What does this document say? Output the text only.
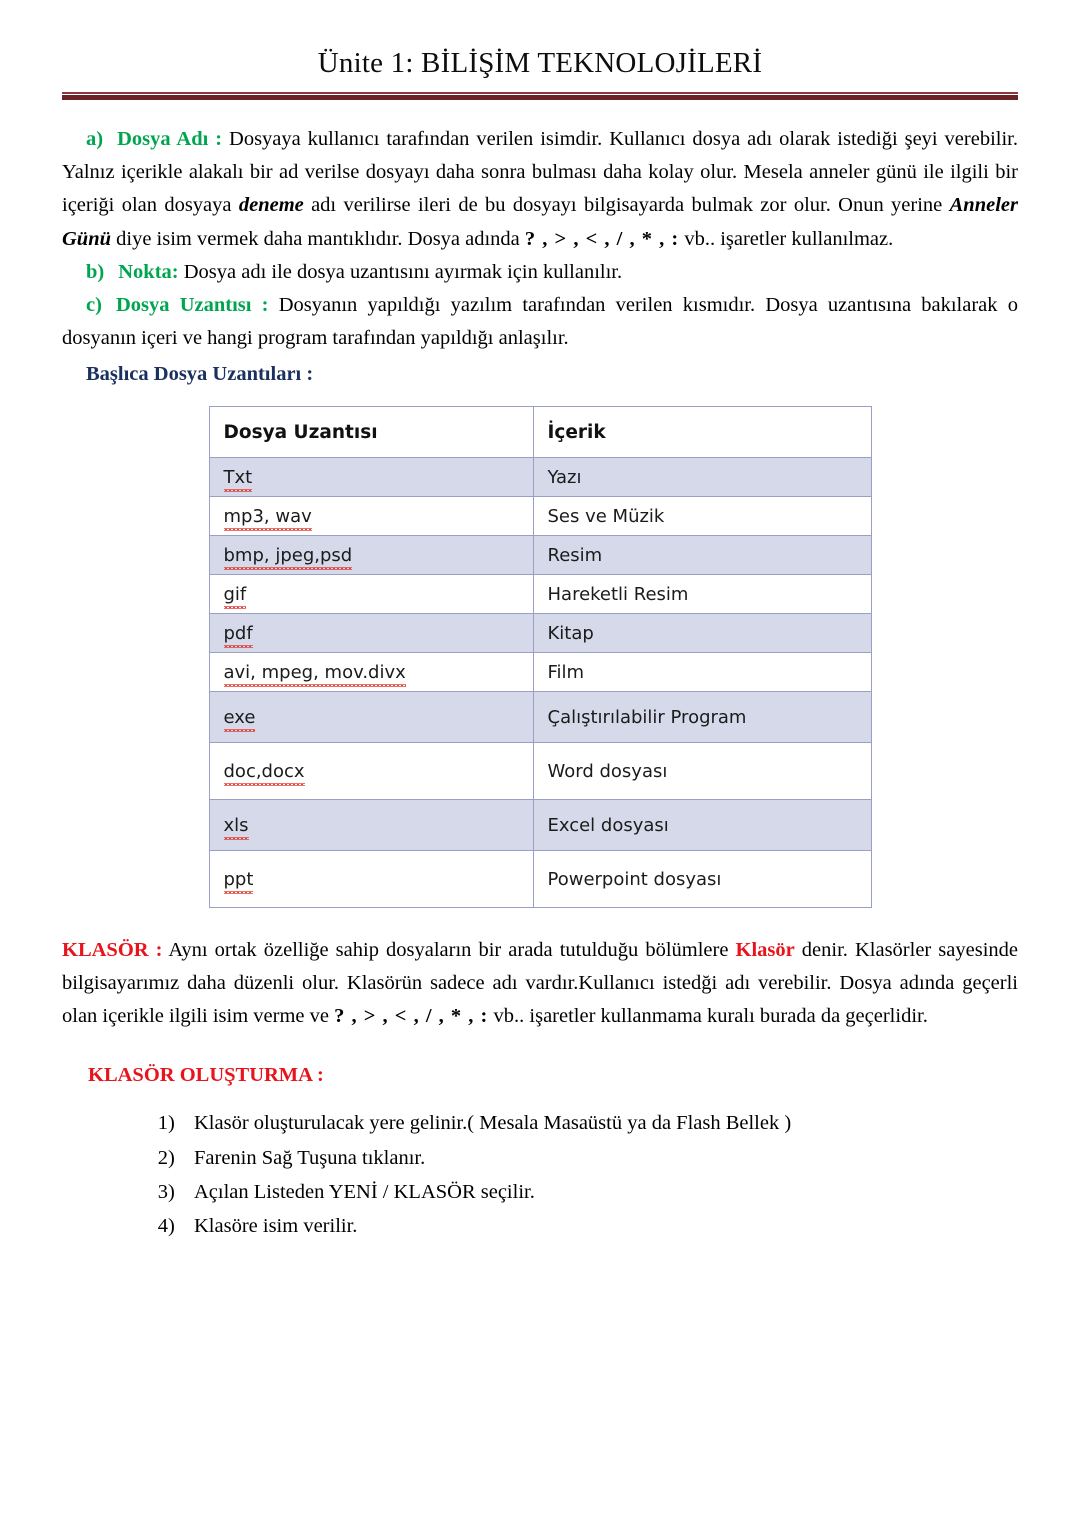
Ünite 1: BİLİŞİM TEKNOLOJİLERİ

a) Dosya Adı : Dosyaya kullanıcı tarafından verilen isimdir. Kullanıcı dosya adı olarak istediği şeyi verebilir. Yalnız içerikle alakalı bir ad verilse dosyayı daha sonra bulması daha kolay olur. Mesela anneler günü ile ilgili bir içeriği olan dosyaya deneme adı verilirse ileri de bu dosyayı bilgisayarda bulmak zor olur. Onun yerine Anneler Günü diye isim vermek daha mantıklıdır. Dosya adında ? , > , < , / , * , : vb.. işaretler kullanılmaz.

b) Nokta: Dosya adı ile dosya uzantısını ayırmak için kullanılır.

c) Dosya Uzantısı : Dosyanın yapıldığı yazılım tarafından verilen kısmıdır. Dosya uzantısına bakılarak o dosyanın içeri ve hangi program tarafından yapıldığı anlaşılır.

Başlıca Dosya Uzantıları :
Dosya Uzantısı	İçerik
Txt	Yazı
mp3, wav	Ses ve Müzik
bmp, jpeg,psd	Resim
gif	Hareketli Resim
pdf	Kitap
avi, mpeg, mov.divx	Film
exe	Çalıştırılabilir Program
doc,docx	Word dosyası
xls	Excel dosyası
ppt	Powerpoint dosyası

KLASÖR : Aynı ortak özelliğe sahip dosyaların bir arada tutulduğu bölümlere Klasör denir. Klasörler sayesinde bilgisayarımız daha düzenli olur. Klasörün sadece adı vardır.Kullanıcı istedği adı verebilir. Dosya adında geçerli olan içerikle ilgili isim verme ve ? , > , < , / , * , : vb.. işaretler kullanmama kuralı burada da geçerlidir.

KLASÖR OLUŞTURMA :
1. Klasör oluşturulacak yere gelinir.( Mesala Masaüstü ya da Flash Bellek )
2. Farenin Sağ Tuşuna tıklanır.
3. Açılan Listeden YENİ / KLASÖR seçilir.
4. Klasöre isim verilir.
